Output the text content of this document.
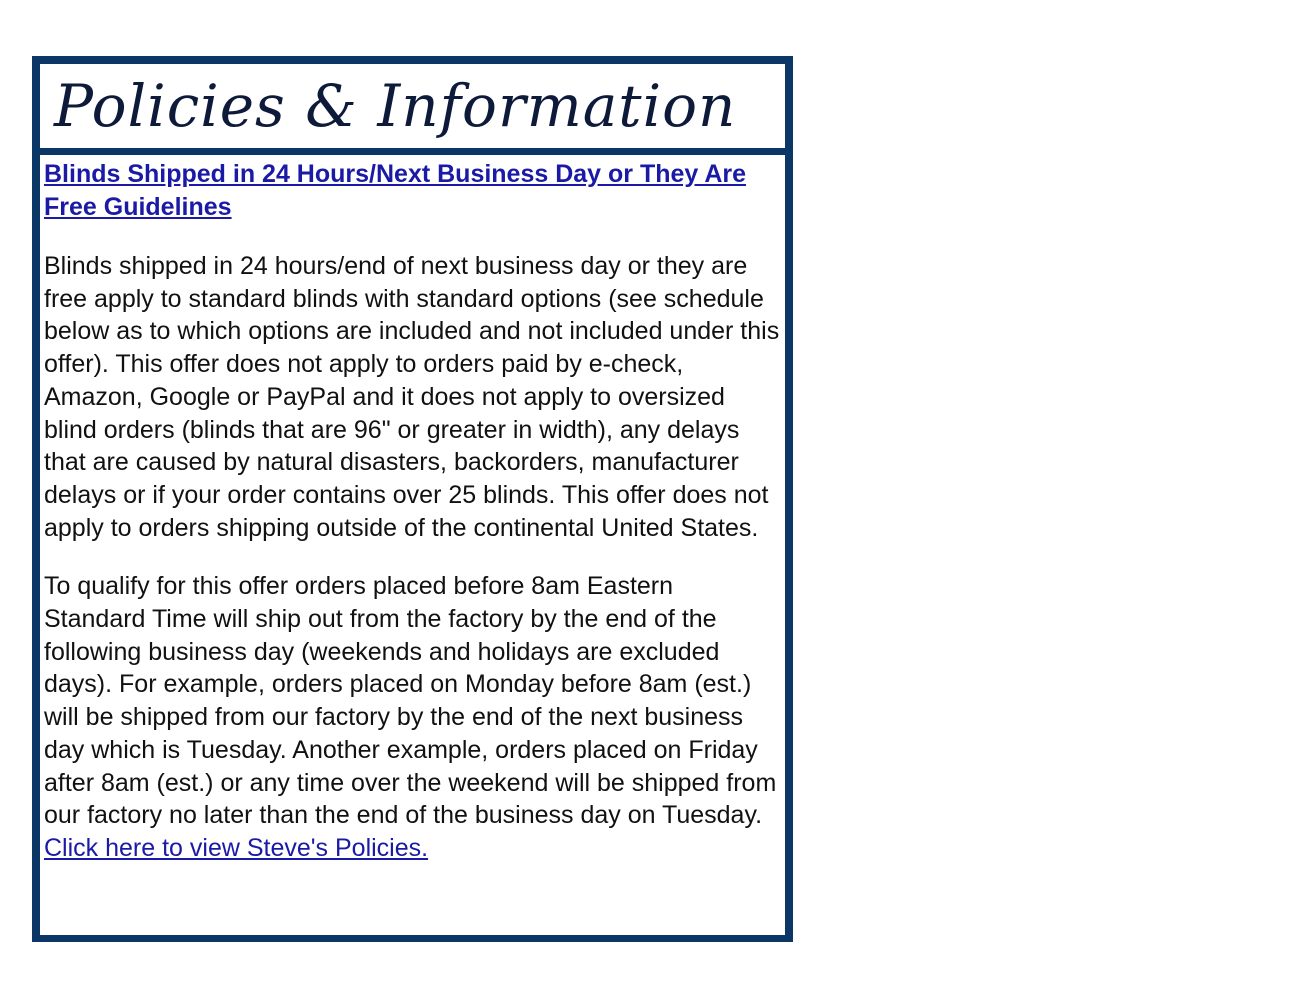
Policies & Information
Blinds Shipped in 24 Hours/Next Business Day or They Are Free Guidelines

Blinds shipped in 24 hours/end of next business day or they are free apply to standard blinds with standard options (see schedule below as to which options are included and not included under this offer). This offer does not apply to orders paid by e-check, Amazon, Google or PayPal and it does not apply to oversized blind orders (blinds that are 96" or greater in width), any delays that are caused by natural disasters, backorders, manufacturer delays or if your order contains over 25 blinds. This offer does not apply to orders shipping outside of the continental United States.

To qualify for this offer orders placed before 8am Eastern Standard Time will ship out from the factory by the end of the following business day (weekends and holidays are excluded days). For example, orders placed on Monday before 8am (est.) will be shipped from our factory by the end of the next business day which is Tuesday. Another example, orders placed on Friday after 8am (est.) or any time over the weekend will be shipped from our factory no later than the end of the business day on Tuesday.

Click here to view Steve's Policies.
